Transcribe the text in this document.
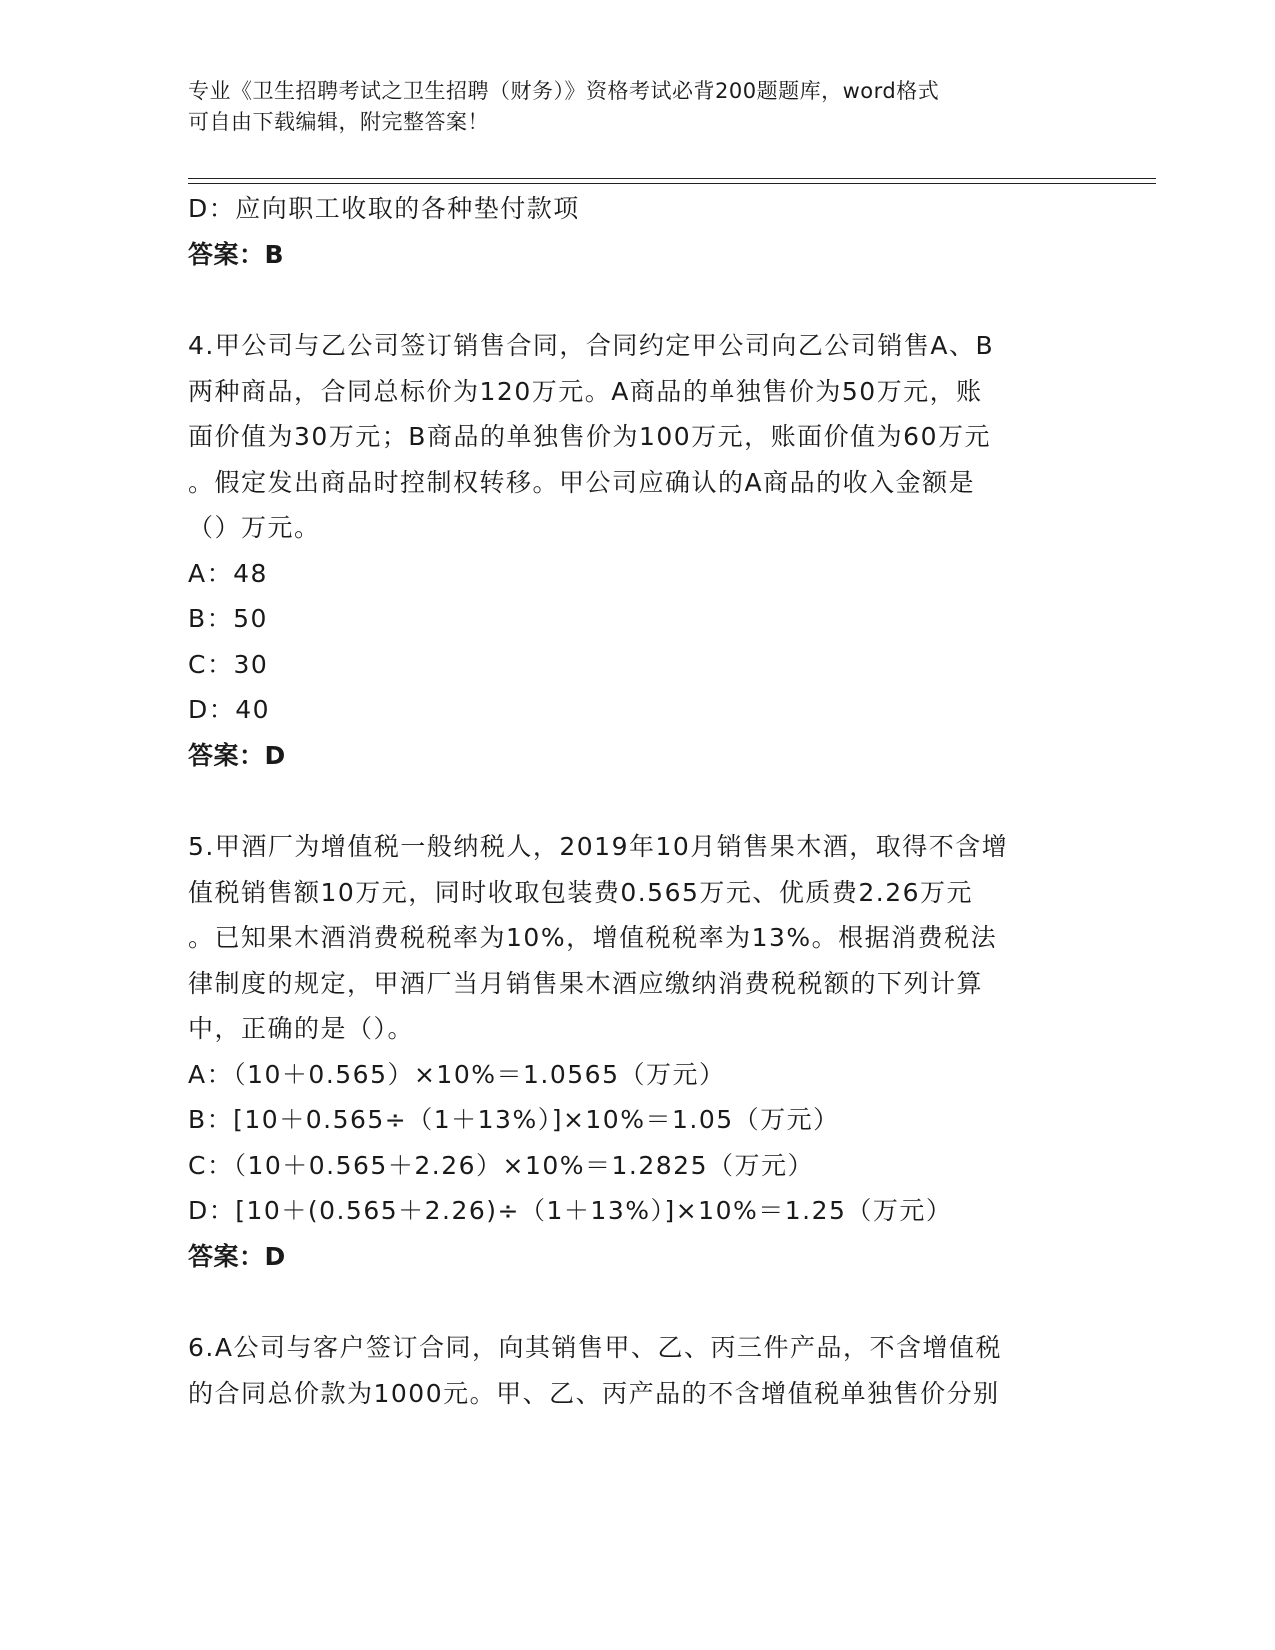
专业《卫生招聘考试之卫生招聘（财务）》资格考试必背200题题库，word格式
可自由下载编辑，附完整答案！
D：应向职工收取的各种垫付款项
答案：B
4.甲公司与乙公司签订销售合同，合同约定甲公司向乙公司销售A、B
两种商品，合同总标价为120万元。A商品的单独售价为50万元，账
面价值为30万元；B商品的单独售价为100万元，账面价值为60万元
。假定发出商品时控制权转移。甲公司应确认的A商品的收入金额是
（）万元。
A：48
B：50
C：30
D：40
答案：D
5.甲酒厂为增值税一般纳税人，2019年10月销售果木酒，取得不含增
值税销售额10万元，同时收取包装费0.565万元、优质费2.26万元
。已知果木酒消费税税率为10%，增值税税率为13%。根据消费税法
律制度的规定，甲酒厂当月销售果木酒应缴纳消费税税额的下列计算
中，正确的是（）。
A：（10＋0.565）×10%＝1.0565（万元）
B：[10＋0.565÷（1＋13%）]×10%＝1.05（万元）
C：（10＋0.565＋2.26）×10%＝1.2825（万元）
D：[10＋(0.565＋2.26)÷（1＋13%）]×10%＝1.25（万元）
答案：D
6.A公司与客户签订合同，向其销售甲、乙、丙三件产品，不含增值税
的合同总价款为1000元。甲、乙、丙产品的不含增值税单独售价分别
